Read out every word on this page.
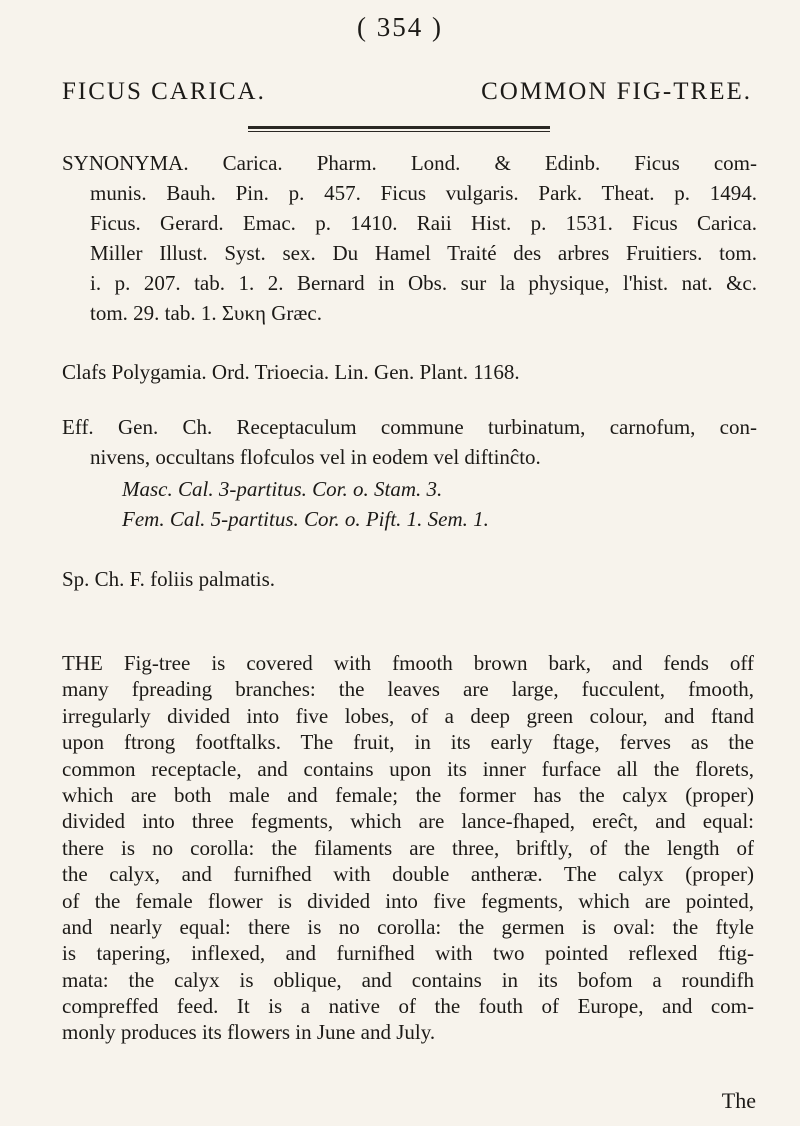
( 354 )
FICUS CARICA.	COMMON FIG-TREE.
SYNONYMA. Carica. Pharm. Lond. & Edinb. Ficus com-
munis. Bauh. Pin. p. 457. Ficus vulgaris. Park. Theat. p. 1494.
Ficus. Gerard. Emac. p. 1410. Raii Hist. p. 1531. Ficus Carica.
Miller Illust. Syst. sex. Du Hamel Traité des arbres Fruitiers. tom.
i. p. 207. tab. 1. 2. Bernard in Obs. sur la physique, l'hist. nat. &c.
tom. 29. tab. 1. Συκη Græc.
Clafs Polygamia. Ord. Trioecia. Lin. Gen. Plant. 1168.
Eff. Gen. Ch. Receptaculum commune turbinatum, carnofum, con-
nivens, occultans flofculos vel in eodem vel diftinĉto.
Masc. Cal. 3-partitus. Cor. o. Stam. 3.
Fem. Cal. 5-partitus. Cor. o. Pift. 1. Sem. 1.
Sp. Ch. F. foliis palmatis.
THE Fig-tree is covered with fmooth brown bark, and fends off
many fpreading branches: the leaves are large, fucculent, fmooth,
irregularly divided into five lobes, of a deep green colour, and ftand
upon ftrong footftalks. The fruit, in its early ftage, ferves as the
common receptacle, and contains upon its inner furface all the florets,
which are both male and female; the former has the calyx (proper)
divided into three fegments, which are lance-fhaped, ereĉt, and equal:
there is no corolla: the filaments are three, briftly, of the length of
the calyx, and furnifhed with double antheræ. The calyx (proper)
of the female flower is divided into five fegments, which are pointed,
and nearly equal: there is no corolla: the germen is oval: the ftyle
is tapering, inflexed, and furnifhed with two pointed reflexed ftig-
mata: the calyx is oblique, and contains in its bofom a roundifh
compreffed feed. It is a native of the fouth of Europe, and com-
monly produces its flowers in June and July.
The
